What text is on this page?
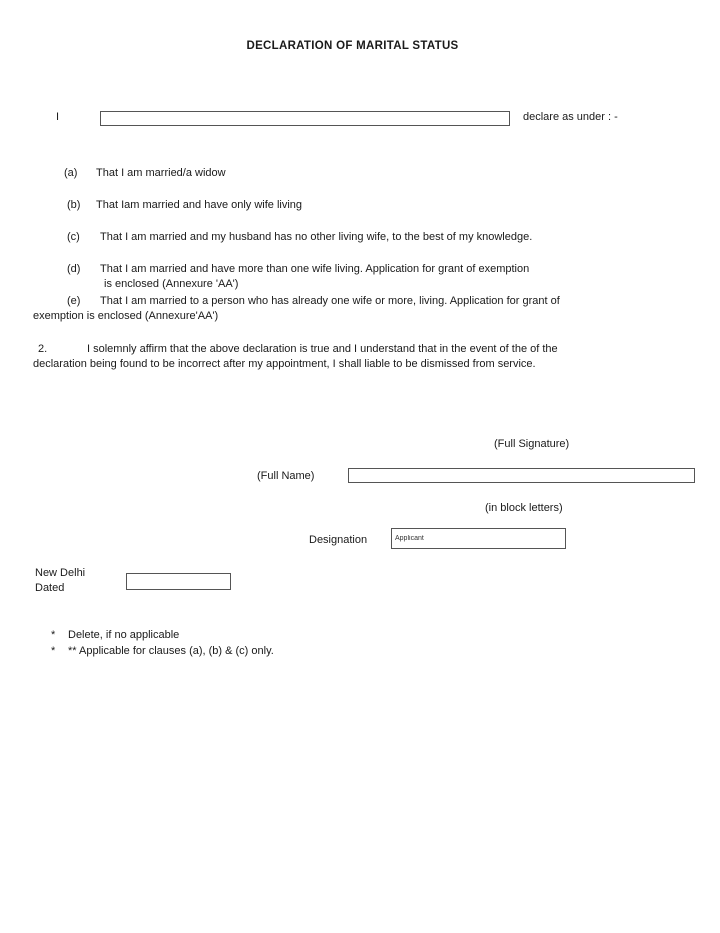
DECLARATION OF MARITAL STATUS
I	declare as under : -
(a) That I am married/a widow
(b) That Iam married and have only wife living
(c) That I am married and my husband has no other living wife, to the best of my knowledge.
(d) That I am married and have more than one wife living. Application for grant of exemption
is enclosed (Annexure 'AA')
(e) That I am married to a person who has already one wife or more, living. Application for grant of
exemption is enclosed (Annexure'AA')
2.	I solemnly affirm that the above declaration is true and I understand that in the event of the of the
declaration being found to be incorrect after my appointment, I shall liable to be dismissed from service.
(Full Signature)
(Full Name)
(in block letters)
Designation
Applicant
New Delhi
Dated
* Delete, if no applicable
* ** Applicable for clauses (a), (b) & (c) only.
